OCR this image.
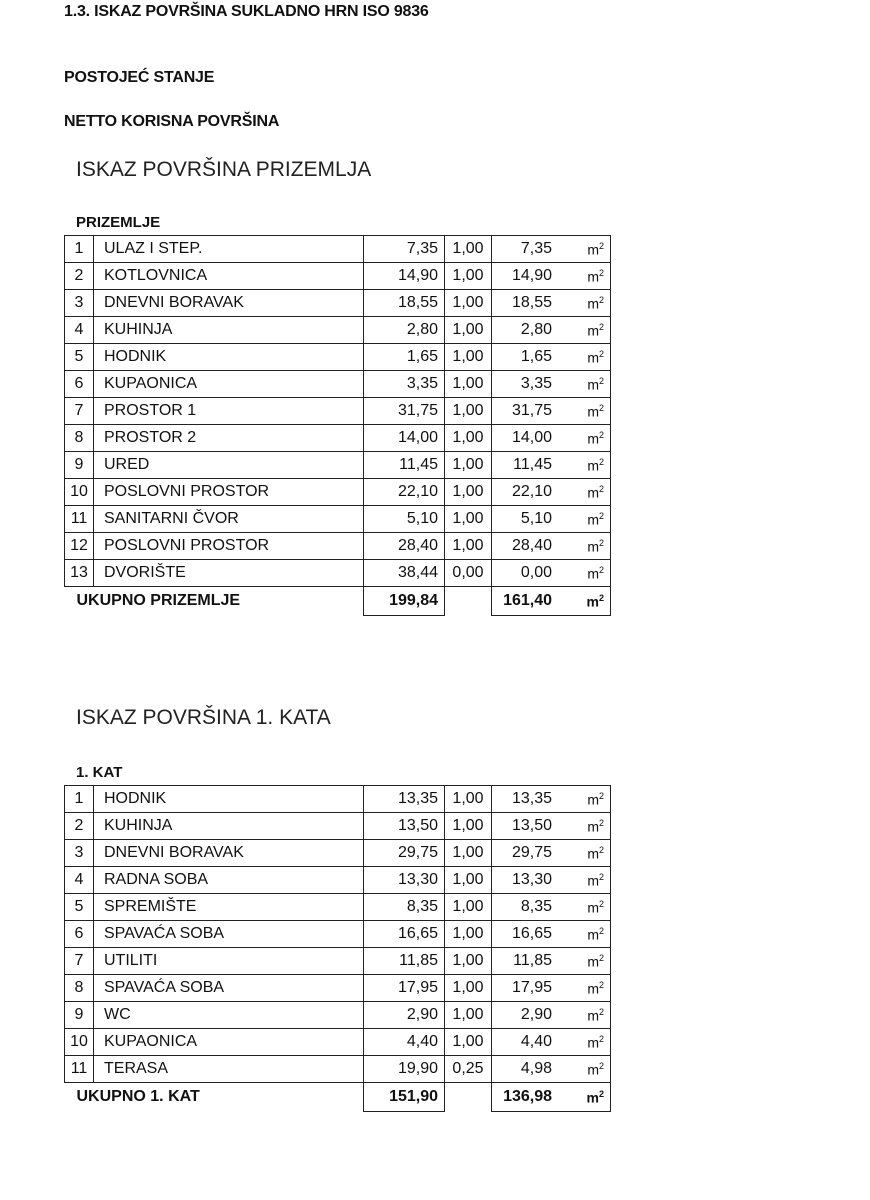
1.3. ISKAZ POVRŠINA SUKLADNO HRN ISO 9836
POSTOJEĆ STANJE
NETTO KORISNA POVRŠINA
ISKAZ POVRŠINA PRIZEMLJA
PRIZEMLJE
1	ULAZ I STEP.	7,35	1,00	7,35 $m^2$

2	KOTLOVNICA	14,90	1,00	14,90 $m^2$

3	DNEVNI BORAVAK	18,55	1,00	18,55 $m^2$

4	KUHINJA	2,80	1,00	2,80 $m^2$

5	HODNIK	1,65	1,00	1,65 $m^2$

6	KUPAONICA	3,35	1,00	3,35 $m^2$

7	PROSTOR 1	31,75	1,00	31,75 $m^2$

8	PROSTOR 2	14,00	1,00	14,00 $m^2$

9	URED	11,45	1,00	11,45 $m^2$

10	POSLOVNI PROSTOR	22,10	1,00	22,10 $m^2$

11	SANITARNI ČVOR	5,10	1,00	5,10 $m^2$

12	POSLOVNI PROSTOR	28,40	1,00	28,40 $m^2$

13	DVORIŠTE	38,44	0,00	0,00 $m^2$

UKUPNO PRIZEMLJE		199,84		161,40 $m^2$
ISKAZ POVRŠINA 1. KATA
1. KAT
1	HODNIK	13,35	1,00	13,35 $m^2$

2	KUHINJA	13,50	1,00	13,50 $m^2$

3	DNEVNI BORAVAK	29,75	1,00	29,75 $m^2$

4	RADNA SOBA	13,30	1,00	13,30 $m^2$

5	SPREMIŠTE	8,35	1,00	8,35 $m^2$

6	SPAVAĆA SOBA	16,65	1,00	16,65 $m^2$

7	UTILITI	11,85	1,00	11,85 $m^2$

8	SPAVAĆA SOBA	17,95	1,00	17,95 $m^2$

9	WC	2,90	1,00	2,90 $m^2$

10	KUPAONICA	4,40	1,00	4,40 $m^2$

11	TERASA	19,90	0,25	4,98 $m^2$

UKUPNO 1. KAT		151,90		136,98 $m^2$
